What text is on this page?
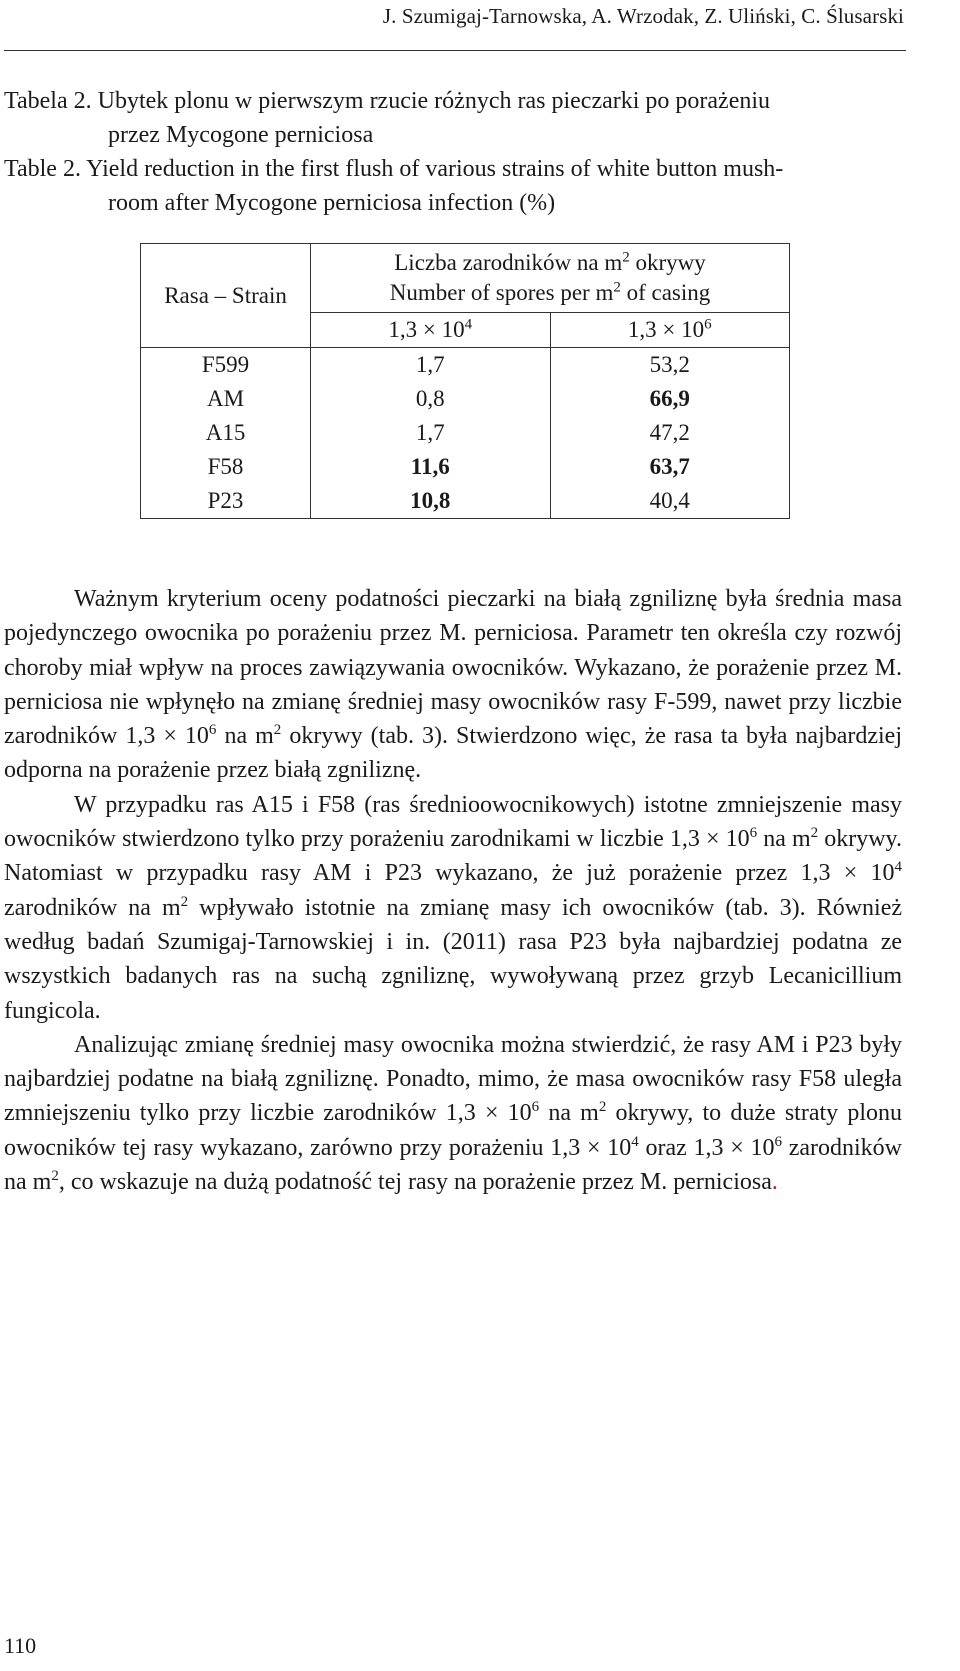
J. Szumigaj-Tarnowska, A. Wrzodak, Z. Uliński, C. Ślusarski
Tabela 2. Ubytek plonu w pierwszym rzucie różnych ras pieczarki po porażeniu
przez Mycogone perniciosa
Table 2. Yield reduction in the first flush of various strains of white button mush-
room after Mycogone perniciosa infection (%)
Rasa – Strain	Liczba zarodników na $m^2$ okrywy
Number of spores per $m^2$ of casing	
	$1,3 \times 10^4$	$1,3 \times 10^6$
F599	1,7	53,2
AM	0,8	66,9
A15	1,7	47,2
F58	11,6	63,7
P23	10,8	40,4

Ważnym kryterium oceny podatności pieczarki na białą zgniliznę była średnia masa pojedynczego owocnika po porażeniu przez M. perniciosa. Parametr ten określa czy rozwój choroby miał wpływ na proces zawiązywania owocników. Wykazano, że porażenie przez M. perniciosa nie wpłynęło na zmianę średniej masy owocników rasy F-599, nawet przy liczbie zarodników $1,3 \times 10^6$ na $m^2$ okrywy (tab. 3). Stwierdzono więc, że rasa ta była najbardziej odporna na porażenie przez białą zgniliznę.

W przypadku ras A15 i F58 (ras średnioowocnikowych) istotne zmniejszenie masy owocników stwierdzono tylko przy porażeniu zarodnikami w liczbie $1,3 \times 10^6$ na $m^2$ okrywy. Natomiast w przypadku rasy AM i P23 wykazano, że już porażenie przez $1,3 \times 10^4$ zarodników na $m^2$ wpływało istotnie na zmianę masy ich owocników (tab. 3). Również według badań Szumigaj-Tarnowskiej i in. (2011) rasa P23 była najbardziej podatna ze wszystkich badanych ras na suchą zgniliznę, wywoływaną przez grzyb Lecanicillium fungicola.

Analizując zmianę średniej masy owocnika można stwierdzić, że rasy AM i P23 były najbardziej podatne na białą zgniliznę. Ponadto, mimo, że masa owocników rasy F58 uległa zmniejszeniu tylko przy liczbie zarodników $1,3 \times 10^6$ na $m^2$ okrywy, to duże straty plonu owocników tej rasy wykazano, zarówno przy porażeniu $1,3 \times 10^4$ oraz $1,3 \times 10^6$ zarodników na $m^2$, co wskazuje na dużą podatność tej rasy na porażenie przez M. perniciosa.

110
